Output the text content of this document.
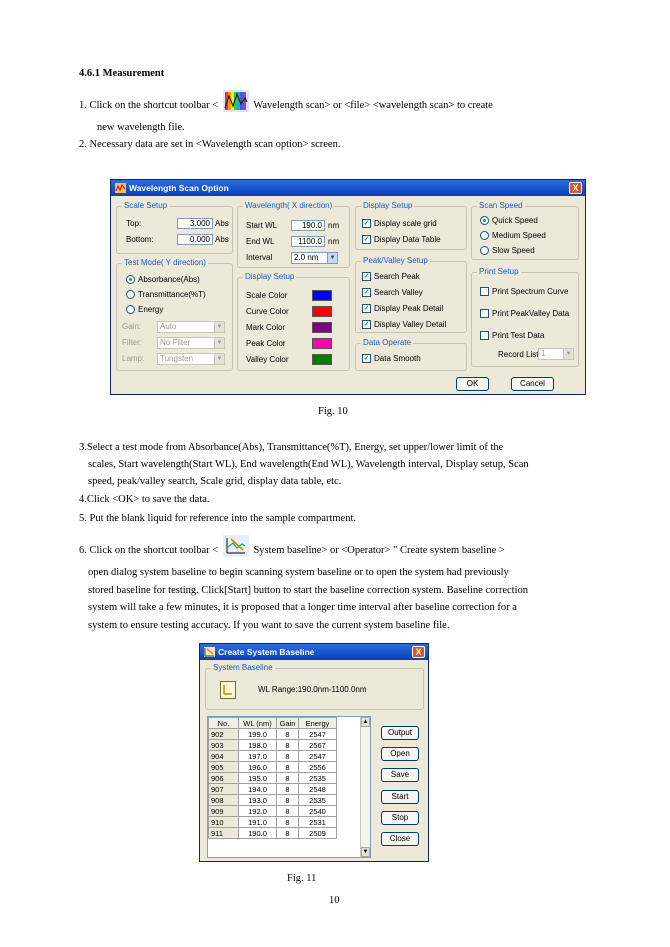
4.6.1 Measurement
1. Click on the shortcut toolbar <	Wavelength scan> or <file> <wavelength scan> to create
new wavelength file.
2. Necessary data are set in <Wavelength scan option> screen.
Wavelength Scan Option	X
Scale Setup
Top:	3.000 Abs
Bottom:	0.000 Abs
Test Mode( Y direction)
Absorbance(Abs)
Transmittance(%T)
Energy
Gain:	Auto	▼
Filter:	No Filter	▼
Lamp:	Tungsten	▼
Wavelength( X direction)
Start WL	190.0 nm
End WL	1100.0 nm
Interval	2.0 nm	▼
Display Setup
Scale Color
Curve Color
Mark Color
Peak Color
Valley Color
Display Setup
✓ Display scale grid
✓ Display Data Table
Peak/Valley Setup
✓ Search Peak
✓ Search Valley
✓ Display Peak Detail
✓ Display Valley Detail
Data Operate
✓ Data Smooth
Scan Speed
Quick Speed
Medium Speed
Slow Speed
Print Setup
Print Spectrum Curve
Print PeakValley Data
Print Test Data
Record List 1	▼
OK	Cancel
Fig. 10
3.Select a test mode from Absorbance(Abs), Transmittance(%T), Energy, set upper/lower limit of the
scales, Start wavelength(Start WL), End wavelength(End WL), Wavelength interval, Display setup, Scan
speed, peak/valley search, Scale grid, display data table, etc.
4.Click <OK> to save the data.
5. Put the blank liquid for reference into the sample compartment.
6. Click on the shortcut toolbar <	System baseline> or <Operator> " Create system baseline >
open dialog system baseline to begin scanning system baseline or to open the system had previously
stored baseline for testing. Click[Start] button to start the baseline correction system. Baseline correction
system will take a few minutes, it is proposed that a longer time interval after baseline correction for a
system to ensure testing accuracy. If you want to save the current system baseline file.
Create System Baseline	X
System Baseline
WL Range:190.0nm-1100.0nm
No.	WL (nm)	Gain	Energy
902	199.0	8	2547
903	198.0	8	2567
904	197.0	8	2547
905	196.0	8	2556
906	195.0	8	2535
907	194.0	8	2548
908	193.0	8	2535
909	192.0	8	2540
910	191.0	8	2531
911	190.0	8	2509
▲
▼
Output
Open
Save
Start
Stop
Close
Fig. 11
10
